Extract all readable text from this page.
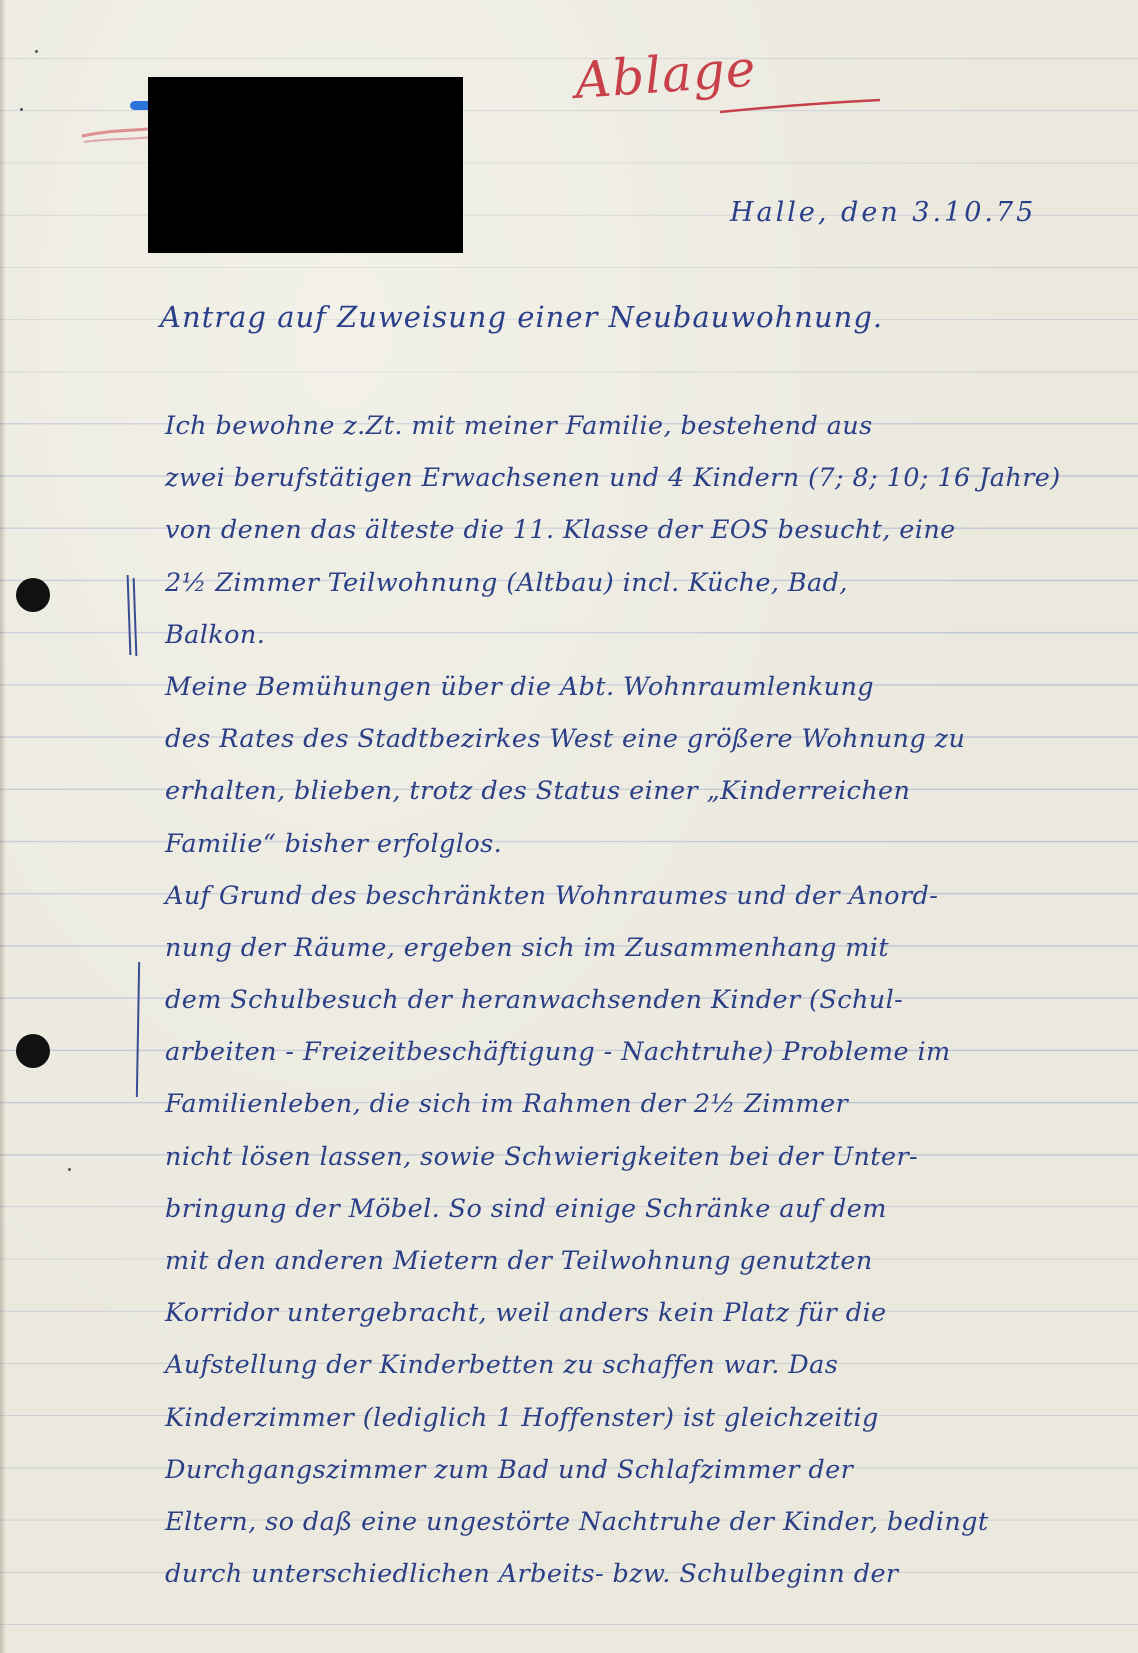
Ablage
Halle, den 3.10.75
Antrag auf Zuweisung einer Neubauwohnung.
Ich bewohne z.Zt. mit meiner Familie, bestehend aus
zwei berufstätigen Erwachsenen und 4 Kindern (7; 8; 10; 16 Jahre)
von denen das älteste die 11. Klasse der EOS besucht, eine
2½ Zimmer Teilwohnung (Altbau) incl. Küche, Bad,
Balkon.
Meine Bemühungen über die Abt. Wohnraumlenkung
des Rates des Stadtbezirkes West eine größere Wohnung zu
erhalten, blieben, trotz des Status einer „Kinderreichen
Familie“ bisher erfolglos.
Auf Grund des beschränkten Wohnraumes und der Anord-
nung der Räume, ergeben sich im Zusammenhang mit
dem Schulbesuch der heranwachsenden Kinder (Schul-
arbeiten - Freizeitbeschäftigung - Nachtruhe) Probleme im
Familienleben, die sich im Rahmen der 2½ Zimmer
nicht lösen lassen, sowie Schwierigkeiten bei der Unter-
bringung der Möbel. So sind einige Schränke auf dem
mit den anderen Mietern der Teilwohnung genutzten
Korridor untergebracht, weil anders kein Platz für die
Aufstellung der Kinderbetten zu schaffen war. Das
Kinderzimmer (lediglich 1 Hoffenster) ist gleichzeitig
Durchgangszimmer zum Bad und Schlafzimmer der
Eltern, so daß eine ungestörte Nachtruhe der Kinder, bedingt
durch unterschiedlichen Arbeits- bzw. Schulbeginn der
